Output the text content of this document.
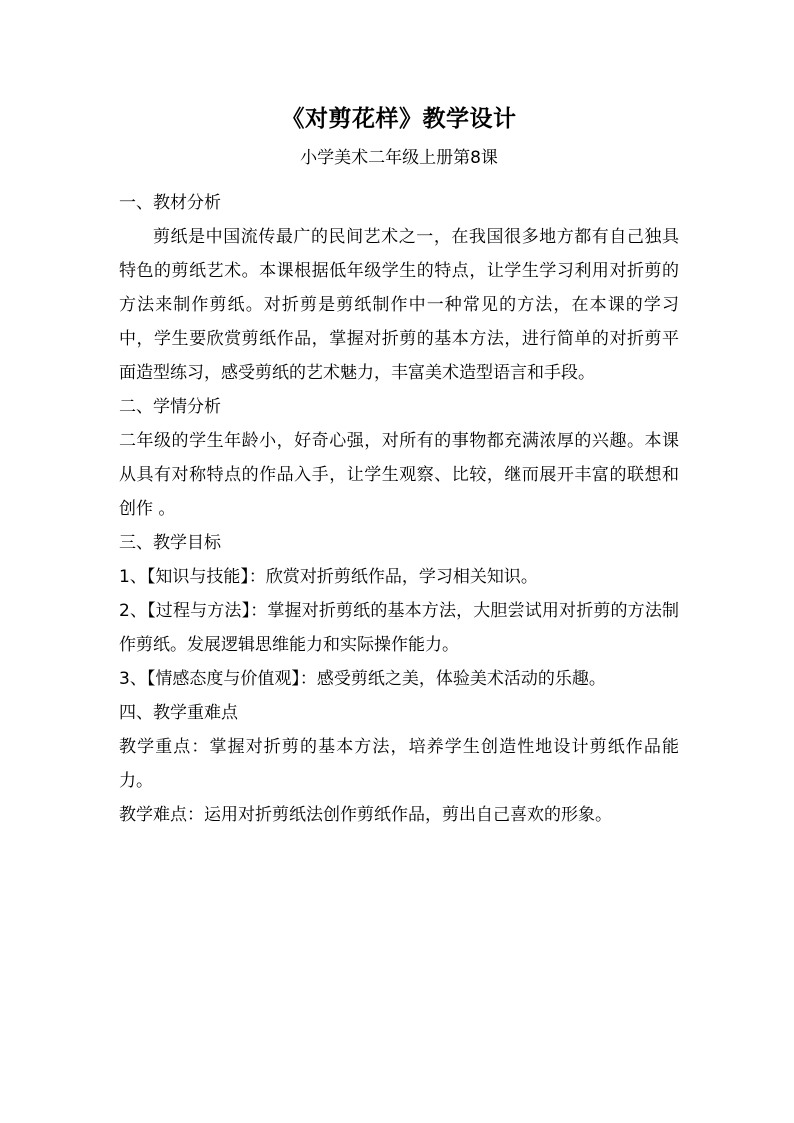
《对剪花样》教学设计
小学美术二年级上册第8课

一、教材分析

剪纸是中国流传最广的民间艺术之一，在我国很多地方都有自己独具特色的剪纸艺术。本课根据低年级学生的特点，让学生学习利用对折剪的方法来制作剪纸。对折剪是剪纸制作中一种常见的方法，在本课的学习中，学生要欣赏剪纸作品，掌握对折剪的基本方法，进行简单的对折剪平面造型练习，感受剪纸的艺术魅力，丰富美术造型语言和手段。

二、学情分析

二年级的学生年龄小，好奇心强，对所有的事物都充满浓厚的兴趣。本课从具有对称特点的作品入手，让学生观察、比较，继而展开丰富的联想和创作 。

三、教学目标

1、【知识与技能】：欣赏对折剪纸作品，学习相关知识。

2、【过程与方法】：掌握对折剪纸的基本方法，大胆尝试用对折剪的方法制作剪纸。发展逻辑思维能力和实际操作能力。

3、【情感态度与价值观】：感受剪纸之美，体验美术活动的乐趣。

四、教学重难点

教学重点：掌握对折剪的基本方法，培养学生创造性地设计剪纸作品能力。

教学难点：运用对折剪纸法创作剪纸作品，剪出自己喜欢的形象。
